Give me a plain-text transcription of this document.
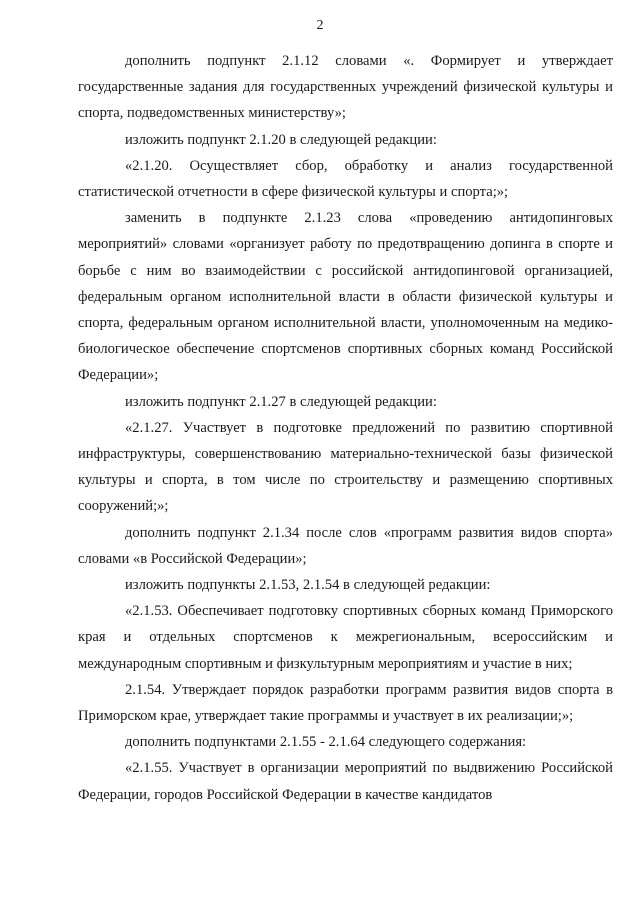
2

дополнить подпункт 2.1.12 словами «. Формирует и утверждает государственные задания для государственных учреждений физической культуры и спорта, подведомственных министерству»;

изложить подпункт 2.1.20 в следующей редакции:

«2.1.20. Осуществляет сбор, обработку и анализ государственной статистической отчетности в сфере физической культуры и спорта;»;

заменить в подпункте 2.1.23 слова «проведению антидопинговых мероприятий» словами «организует работу по предотвращению допинга в спорте и борьбе с ним во взаимодействии с российской антидопинговой организацией, федеральным органом исполнительной власти в области физической культуры и спорта, федеральным органом исполнительной власти, уполномоченным на медико-биологическое обеспечение спортсменов спортивных сборных команд Российской Федерации»;

изложить подпункт 2.1.27 в следующей редакции:

«2.1.27. Участвует в подготовке предложений по развитию спортивной инфраструктуры, совершенствованию материально-технической базы физической культуры и спорта, в том числе по строительству и размещению спортивных сооружений;»;

дополнить подпункт 2.1.34 после слов «программ развития видов спорта» словами «в Российской Федерации»;

изложить подпункты 2.1.53, 2.1.54 в следующей редакции:

«2.1.53. Обеспечивает подготовку спортивных сборных команд Приморского края и отдельных спортсменов к межрегиональным, всероссийским и международным спортивным и физкультурным мероприятиям и участие в них;

2.1.54. Утверждает порядок разработки программ развития видов спорта в Приморском крае, утверждает такие программы и участвует в их реализации;»;

дополнить подпунктами 2.1.55 - 2.1.64 следующего содержания:

«2.1.55. Участвует в организации мероприятий по выдвижению Российской Федерации, городов Российской Федерации в качестве кандидатов
